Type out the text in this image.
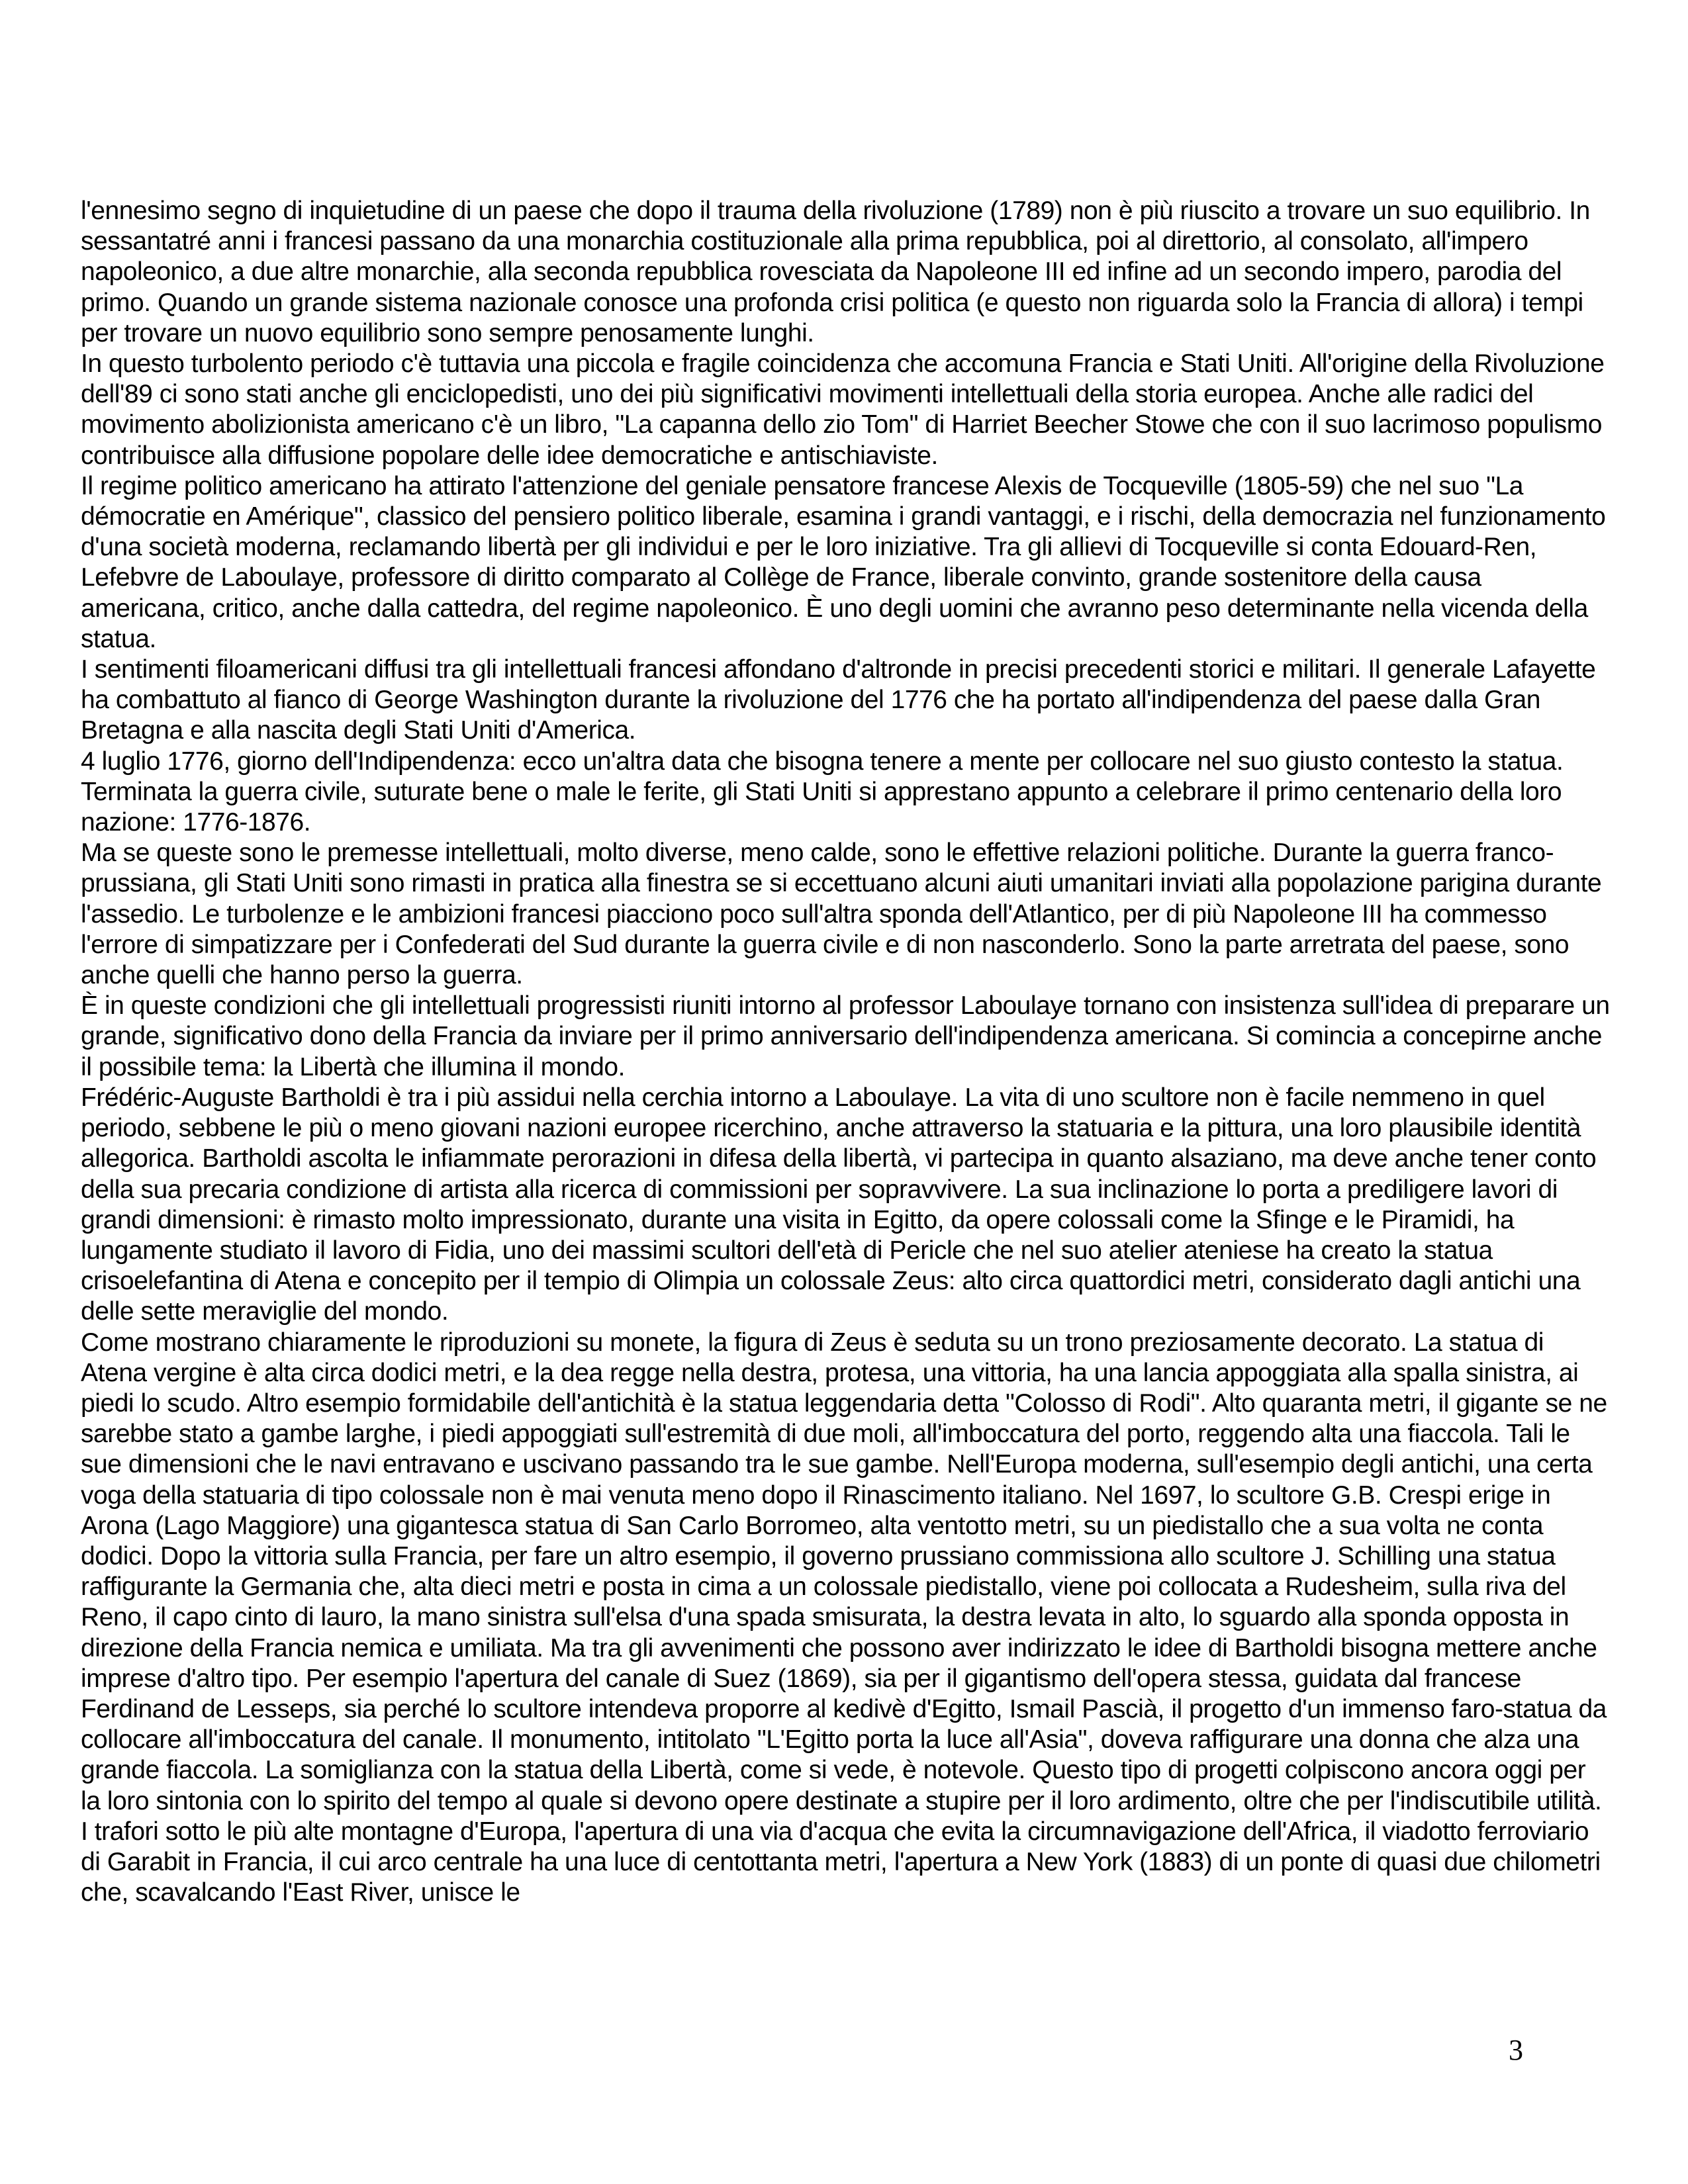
l'ennesimo segno di inquietudine di un paese che dopo il trauma della rivoluzione (1789) non è più riuscito a trovare un suo equilibrio. In sessantatré anni i francesi passano da una monarchia costituzionale alla prima repubblica, poi al direttorio, al consolato, all'impero napoleonico, a due altre monarchie, alla seconda repubblica rovesciata da Napoleone III ed infine ad un secondo impero, parodia del primo. Quando un grande sistema nazionale conosce una profonda crisi politica (e questo non riguarda solo la Francia di allora) i tempi per trovare un nuovo equilibrio sono sempre penosamente lunghi.

In questo turbolento periodo c'è tuttavia una piccola e fragile coincidenza che accomuna Francia e Stati Uniti. All'origine della Rivoluzione dell'89 ci sono stati anche gli enciclopedisti, uno dei più significativi movimenti intellettuali della storia europea. Anche alle radici del movimento abolizionista americano c'è un libro, "La capanna dello zio Tom" di Harriet Beecher Stowe che con il suo lacrimoso populismo contribuisce alla diffusione popolare delle idee democratiche e antischiaviste.

Il regime politico americano ha attirato l'attenzione del geniale pensatore francese Alexis de Tocqueville (1805-59) che nel suo "La démocratie en Amérique", classico del pensiero politico liberale, esamina i grandi vantaggi, e i rischi, della democrazia nel funzionamento d'una società moderna, reclamando libertà per gli individui e per le loro iniziative. Tra gli allievi di Tocqueville si conta Edouard-Ren, Lefebvre de Laboulaye, professore di diritto comparato al Collège de France, liberale convinto, grande sostenitore della causa americana, critico, anche dalla cattedra, del regime napoleonico. È uno degli uomini che avranno peso determinante nella vicenda della statua.

I sentimenti filoamericani diffusi tra gli intellettuali francesi affondano d'altronde in precisi precedenti storici e militari. Il generale Lafayette ha combattuto al fianco di George Washington durante la rivoluzione del 1776 che ha portato all'indipendenza del paese dalla Gran Bretagna e alla nascita degli Stati Uniti d'America.

4 luglio 1776, giorno dell'Indipendenza: ecco un'altra data che bisogna tenere a mente per collocare nel suo giusto contesto la statua. Terminata la guerra civile, suturate bene o male le ferite, gli Stati Uniti si apprestano appunto a celebrare il primo centenario della loro nazione: 1776-1876.

Ma se queste sono le premesse intellettuali, molto diverse, meno calde, sono le effettive relazioni politiche. Durante la guerra franco-prussiana, gli Stati Uniti sono rimasti in pratica alla finestra se si eccettuano alcuni aiuti umanitari inviati alla popolazione parigina durante l'assedio. Le turbolenze e le ambizioni francesi piacciono poco sull'altra sponda dell'Atlantico, per di più Napoleone III ha commesso l'errore di simpatizzare per i Confederati del Sud durante la guerra civile e di non nasconderlo. Sono la parte arretrata del paese, sono anche quelli che hanno perso la guerra.

È in queste condizioni che gli intellettuali progressisti riuniti intorno al professor Laboulaye tornano con insistenza sull'idea di preparare un grande, significativo dono della Francia da inviare per il primo anniversario dell'indipendenza americana. Si comincia a concepirne anche il possibile tema: la Libertà che illumina il mondo.

Frédéric-Auguste Bartholdi è tra i più assidui nella cerchia intorno a Laboulaye. La vita di uno scultore non è facile nemmeno in quel periodo, sebbene le più o meno giovani nazioni europee ricerchino, anche attraverso la statuaria e la pittura, una loro plausibile identità allegorica. Bartholdi ascolta le infiammate perorazioni in difesa della libertà, vi partecipa in quanto alsaziano, ma deve anche tener conto della sua precaria condizione di artista alla ricerca di commissioni per sopravvivere. La sua inclinazione lo porta a prediligere lavori di grandi dimensioni: è rimasto molto impressionato, durante una visita in Egitto, da opere colossali come la Sfinge e le Piramidi, ha lungamente studiato il lavoro di Fidia, uno dei massimi scultori dell'età di Pericle che nel suo atelier ateniese ha creato la statua crisoelefantina di Atena e concepito per il tempio di Olimpia un colossale Zeus: alto circa quattordici metri, considerato dagli antichi una delle sette meraviglie del mondo.

Come mostrano chiaramente le riproduzioni su monete, la figura di Zeus è seduta su un trono preziosamente decorato. La statua di Atena vergine è alta circa dodici metri, e la dea regge nella destra, protesa, una vittoria, ha una lancia appoggiata alla spalla sinistra, ai piedi lo scudo. Altro esempio formidabile dell'antichità è la statua leggendaria detta "Colosso di Rodi". Alto quaranta metri, il gigante se ne sarebbe stato a gambe larghe, i piedi appoggiati sull'estremità di due moli, all'imboccatura del porto, reggendo alta una fiaccola. Tali le sue dimensioni che le navi entravano e uscivano passando tra le sue gambe. Nell'Europa moderna, sull'esempio degli antichi, una certa voga della statuaria di tipo colossale non è mai venuta meno dopo il Rinascimento italiano. Nel 1697, lo scultore G.B. Crespi erige in Arona (Lago Maggiore) una gigantesca statua di San Carlo Borromeo, alta ventotto metri, su un piedistallo che a sua volta ne conta dodici. Dopo la vittoria sulla Francia, per fare un altro esempio, il governo prussiano commissiona allo scultore J. Schilling una statua raffigurante la Germania che, alta dieci metri e posta in cima a un colossale piedistallo, viene poi collocata a Rudesheim, sulla riva del Reno, il capo cinto di lauro, la mano sinistra sull'elsa d'una spada smisurata, la destra levata in alto, lo sguardo alla sponda opposta in direzione della Francia nemica e umiliata. Ma tra gli avvenimenti che possono aver indirizzato le idee di Bartholdi bisogna mettere anche imprese d'altro tipo. Per esempio l'apertura del canale di Suez (1869), sia per il gigantismo dell'opera stessa, guidata dal francese Ferdinand de Lesseps, sia perché lo scultore intendeva proporre al kedivè d'Egitto, Ismail Pascià, il progetto d'un immenso faro-statua da collocare all'imboccatura del canale. Il monumento, intitolato "L'Egitto porta la luce all'Asia", doveva raffigurare una donna che alza una grande fiaccola. La somiglianza con la statua della Libertà, come si vede, è notevole. Questo tipo di progetti colpiscono ancora oggi per la loro sintonia con lo spirito del tempo al quale si devono opere destinate a stupire per il loro ardimento, oltre che per l'indiscutibile utilità. I trafori sotto le più alte montagne d'Europa, l'apertura di una via d'acqua che evita la circumnavigazione dell'Africa, il viadotto ferroviario di Garabit in Francia, il cui arco centrale ha una luce di centottanta metri, l'apertura a New York (1883) di un ponte di quasi due chilometri che, scavalcando l'East River, unisce le

3
